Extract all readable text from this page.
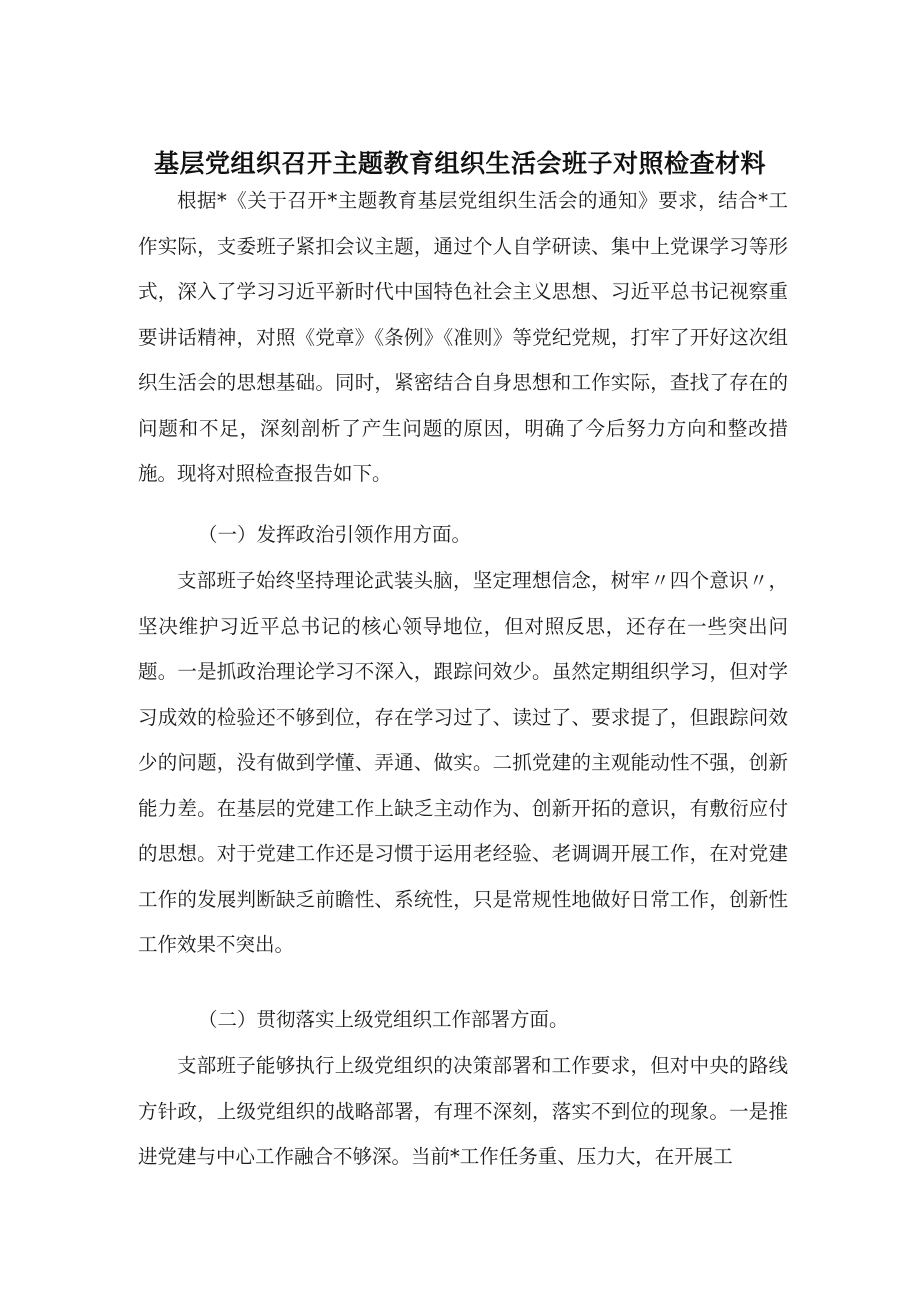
基层党组织召开主题教育组织生活会班子对照检查材料

根据*《关于召开*主题教育基层党组织生活会的通知》要求，结合*工作实际，支委班子紧扣会议主题，通过个人自学研读、集中上党课学习等形式，深入了学习习近平新时代中国特色社会主义思想、习近平总书记视察重要讲话精神，对照《党章》《条例》《准则》等党纪党规，打牢了开好这次组织生活会的思想基础。同时，紧密结合自身思想和工作实际，查找了存在的问题和不足，深刻剖析了产生问题的原因，明确了今后努力方向和整改措施。现将对照检查报告如下。

（一）发挥政治引领作用方面。

支部班子始终坚持理论武装头脑，坚定理想信念，树牢〃四个意识〃，坚决维护习近平总书记的核心领导地位，但对照反思，还存在一些突出问题。一是抓政治理论学习不深入，跟踪问效少。虽然定期组织学习，但对学习成效的检验还不够到位，存在学习过了、读过了、要求提了，但跟踪问效少的问题，没有做到学懂、弄通、做实。二抓党建的主观能动性不强，创新能力差。在基层的党建工作上缺乏主动作为、创新开拓的意识，有敷衍应付的思想。对于党建工作还是习惯于运用老经验、老调调开展工作，在对党建工作的发展判断缺乏前瞻性、系统性，只是常规性地做好日常工作，创新性工作效果不突出。

（二）贯彻落实上级党组织工作部署方面。

支部班子能够执行上级党组织的决策部署和工作要求，但对中央的路线方针政，上级党组织的战略部署，有理不深刻，落实不到位的现象。一是推进党建与中心工作融合不够深。当前*工作任务重、压力大，在开展工
